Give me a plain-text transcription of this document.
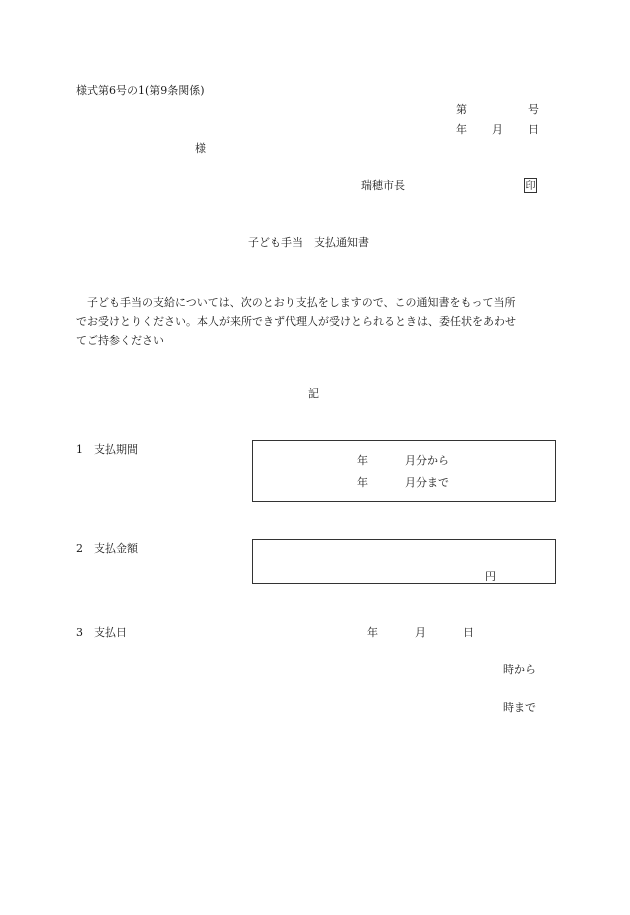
様式第6号の1(第9条関係)
第	号
年 月 日
様
瑞穂市長	印
子ども手当　支払通知書
子ども手当の支給については、次のとおり支払をしますので、この通知書をもって当所
でお受けとりください。本人が来所できず代理人が受けとられるときは、委任状をあわせ
てご持参ください
記
1　支払期間
年	月分から
年	月分まで
2　支払金額
円
3　支払日	年	月	日
時から
時まで
